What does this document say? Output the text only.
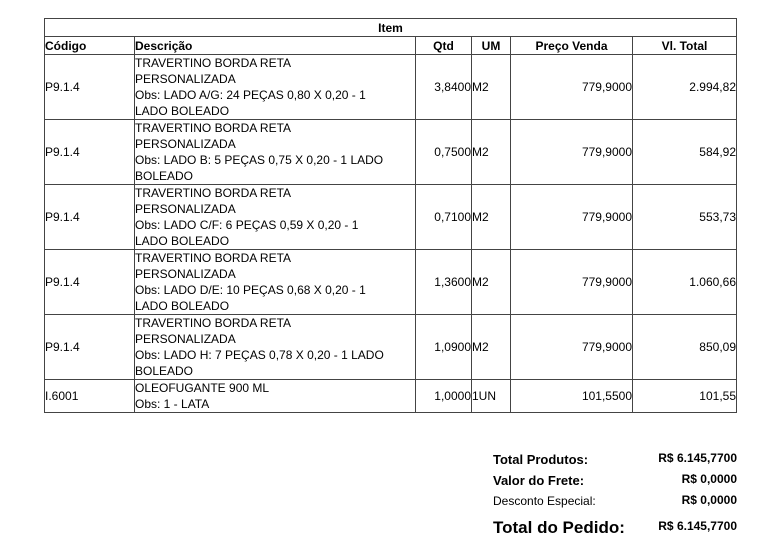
Item					
Código	Descrição	Qtd	UM	Preço Venda	Vl. Total
P9.1.4	TRAVERTINO BORDA RETA
PERSONALIZADA
Obs: LADO A/G: 24 PEÇAS 0,80 X 0,20 - 1
LADO BOLEADO	3,8400	M2	779,9000	2.994,82
P9.1.4	TRAVERTINO BORDA RETA
PERSONALIZADA
Obs: LADO B: 5 PEÇAS 0,75 X 0,20 - 1 LADO
BOLEADO	0,7500	M2	779,9000	584,92
P9.1.4	TRAVERTINO BORDA RETA
PERSONALIZADA
Obs: LADO C/F: 6 PEÇAS 0,59 X 0,20 - 1
LADO BOLEADO	0,7100	M2	779,9000	553,73
P9.1.4	TRAVERTINO BORDA RETA
PERSONALIZADA
Obs: LADO D/E: 10 PEÇAS 0,68 X 0,20 - 1
LADO BOLEADO	1,3600	M2	779,9000	1.060,66
P9.1.4	TRAVERTINO BORDA RETA
PERSONALIZADA
Obs: LADO H: 7 PEÇAS 0,78 X 0,20 - 1 LADO
BOLEADO	1,0900	M2	779,9000	850,09
I.6001	OLEOFUGANTE 900 ML
Obs: 1 - LATA	1,0000	1UN	101,5500	101,55
Total Produtos:	R$ 6.145,7700
Valor do Frete:	R$ 0,0000
Desconto Especial:	R$ 0,0000
Total do Pedido:	R$ 6.145,7700
